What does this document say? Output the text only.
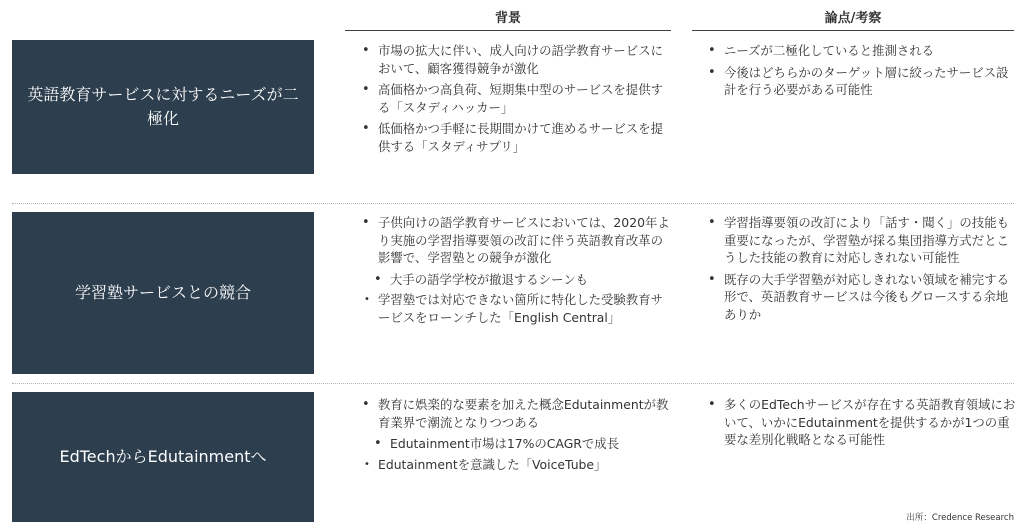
背景	論点/考察
英語教育サービスに対するニーズが二極化
• 市場の拡大に伴い、成人向けの語学教育サービスにおいて、顧客獲得競争が激化
• 高価格かつ高負荷、短期集中型のサービスを提供する「スタディハッカー」
• 低価格かつ手軽に長期間かけて進めるサービスを提供する「スタディサプリ」
• ニーズが二極化していると推測される
• 今後はどちらかのターゲット層に絞ったサービス設計を行う必要がある可能性
学習塾サービスとの競合
• 子供向けの語学教育サービスにおいては、2020年より実施の学習指導要領の改訂に伴う英語教育改革の影響で、学習塾との競争が激化
• 大手の語学学校が撤退するシーンも
• 学習塾では対応できない箇所に特化した受験教育サービスをローンチした「English Central」
• 学習指導要領の改訂により「話す・聞く」の技能も重要になったが、学習塾が採る集団指導方式だとこうした技能の教育に対応しきれない可能性
• 既存の大手学習塾が対応しきれない領域を補完する形で、英語教育サービスは今後もグロースする余地ありか
EdTechからEdutainmentへ
• 教育に娯楽的な要素を加えた概念Edutainmentが教育業界で潮流となりつつある
• Edutainment市場は17%のCAGRで成長
• Edutainmentを意識した「VoiceTube」
• 多くのEdTechサービスが存在する英語教育領域において、いかにEdutainmentを提供するかが1つの重要な差別化戦略となる可能性
出所：Credence Research
